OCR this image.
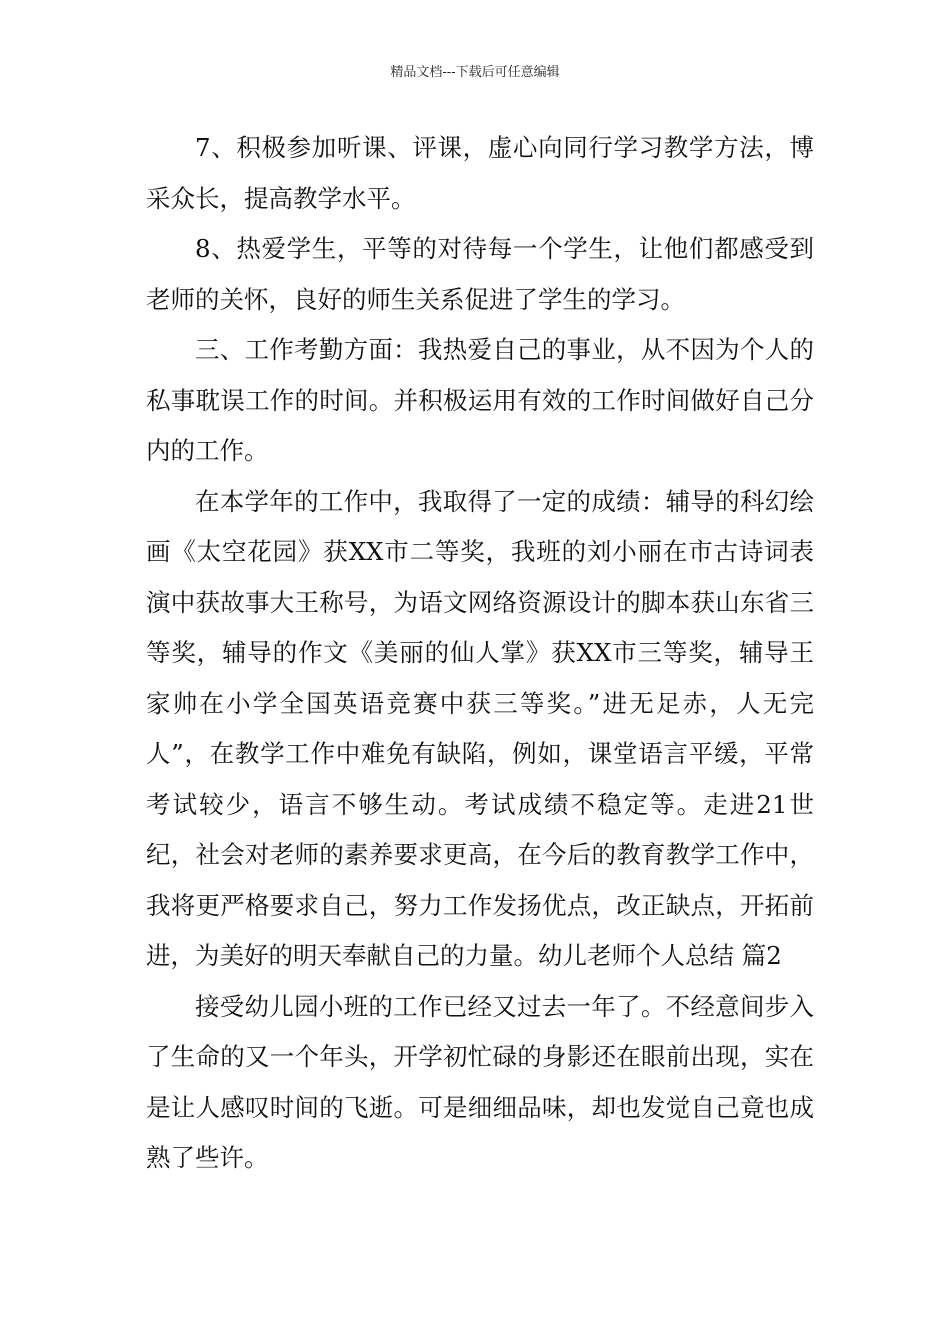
精品文档---下载后可任意编辑

7、积极参加听课、评课，虚心向同行学习教学方法，博采众长，提高教学水平。

8、热爱学生，平等的对待每一个学生，让他们都感受到老师的关怀，良好的师生关系促进了学生的学习。

三、工作考勤方面：我热爱自己的事业，从不因为个人的私事耽误工作的时间。并积极运用有效的工作时间做好自己分内的工作。

在本学年的工作中，我取得了一定的成绩：辅导的科幻绘画《太空花园》获XX市二等奖，我班的刘小丽在市古诗词表演中获故事大王称号，为语文网络资源设计的脚本获山东省三等奖，辅导的作文《美丽的仙人掌》获XX市三等奖，辅导王家帅在小学全国英语竞赛中获三等奖。”进无足赤，人无完人”，在教学工作中难免有缺陷，例如，课堂语言平缓，平常考试较少，语言不够生动。考试成绩不稳定等。走进21世纪，社会对老师的素养要求更高，在今后的教育教学工作中，我将更严格要求自己，努力工作发扬优点，改正缺点，开拓前进，为美好的明天奉献自己的力量。幼儿老师个人总结 篇2

接受幼儿园小班的工作已经又过去一年了。不经意间步入了生命的又一个年头，开学初忙碌的身影还在眼前出现，实在是让人感叹时间的飞逝。可是细细品味，却也发觉自己竟也成熟了些许。
